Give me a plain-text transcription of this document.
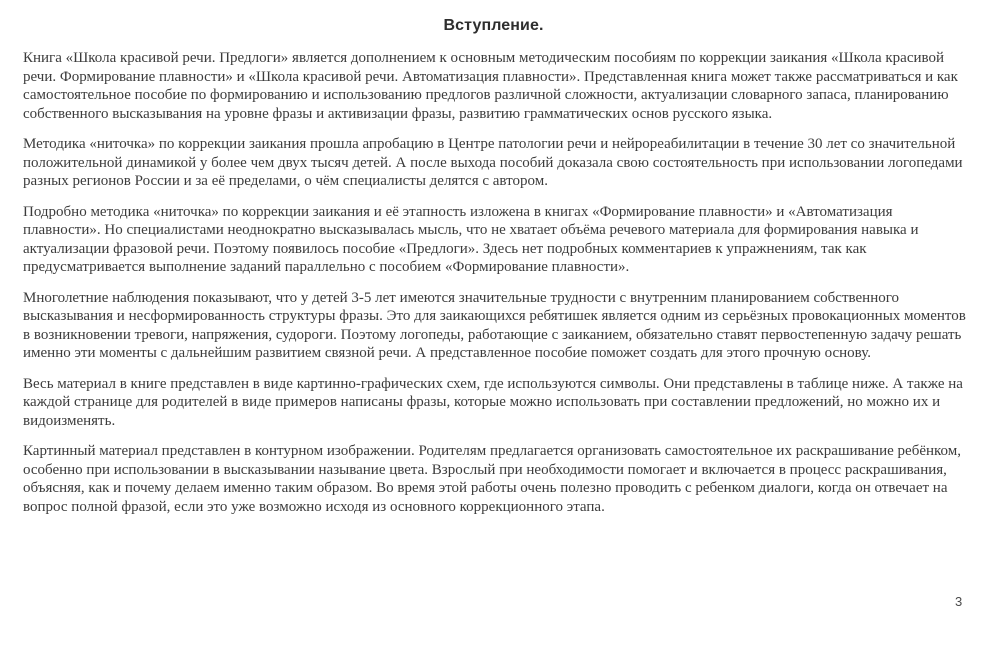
Вступление.

Книга «Школа красивой речи. Предлоги» является дополнением к основным методическим пособиям по коррекции заикания «Школа красивой речи. Формирование плавности» и «Школа красивой речи. Автоматизация плавности». Представленная книга может также рассматриваться и как самостоятельное пособие по формированию и использованию предлогов различной сложности, актуализации словарного запаса, планированию собственного высказывания на уровне фразы и активизации фразы, развитию грамматических основ русского языка.

Методика «ниточка» по коррекции заикания прошла апробацию в Центре патологии речи и нейрореабилитации в течение 30 лет со значительной положительной динамикой у более чем двух тысяч детей. А после выхода пособий доказала свою состоятельность при использовании логопедами разных регионов России и за её пределами, о чём специалисты делятся с автором.

Подробно методика «ниточка» по коррекции заикания и её этапность изложена в книгах «Формирование плавности» и «Автоматизация плавности». Но специалистами неоднократно высказывалась мысль, что не хватает объёма речевого материала для формирования навыка и актуализации фразовой речи. Поэтому появилось пособие «Предлоги». Здесь нет подробных комментариев к упражнениям, так как предусматривается выполнение заданий параллельно с пособием «Формирование плавности».

Многолетние наблюдения показывают, что у детей 3-5 лет имеются значительные трудности с внутренним планированием собственного высказывания и несформированность структуры фразы. Это для заикающихся ребятишек является одним из серьёзных провокационных моментов в возникновении тревоги, напряжения, судороги. Поэтому логопеды, работающие с заиканием, обязательно ставят первостепенную задачу решать именно эти моменты с дальнейшим развитием связной речи. А представленное пособие поможет создать для этого прочную основу.

Весь материал в книге представлен в виде картинно-графических схем, где используются символы. Они представлены в таблице ниже. А также на каждой странице для родителей в виде примеров написаны фразы, которые можно использовать при составлении предложений, но можно их и видоизменять.

Картинный материал представлен в контурном изображении. Родителям предлагается организовать самостоятельное их раскрашивание ребёнком, особенно при использовании в высказывании называние цвета. Взрослый при необходимости помогает и включается в процесс раскрашивания, объясняя, как и почему делаем именно таким образом. Во время этой работы очень полезно проводить с ребенком диалоги, когда он отвечает на вопрос полной фразой, если это уже возможно исходя из основного коррекционного этапа.

3
